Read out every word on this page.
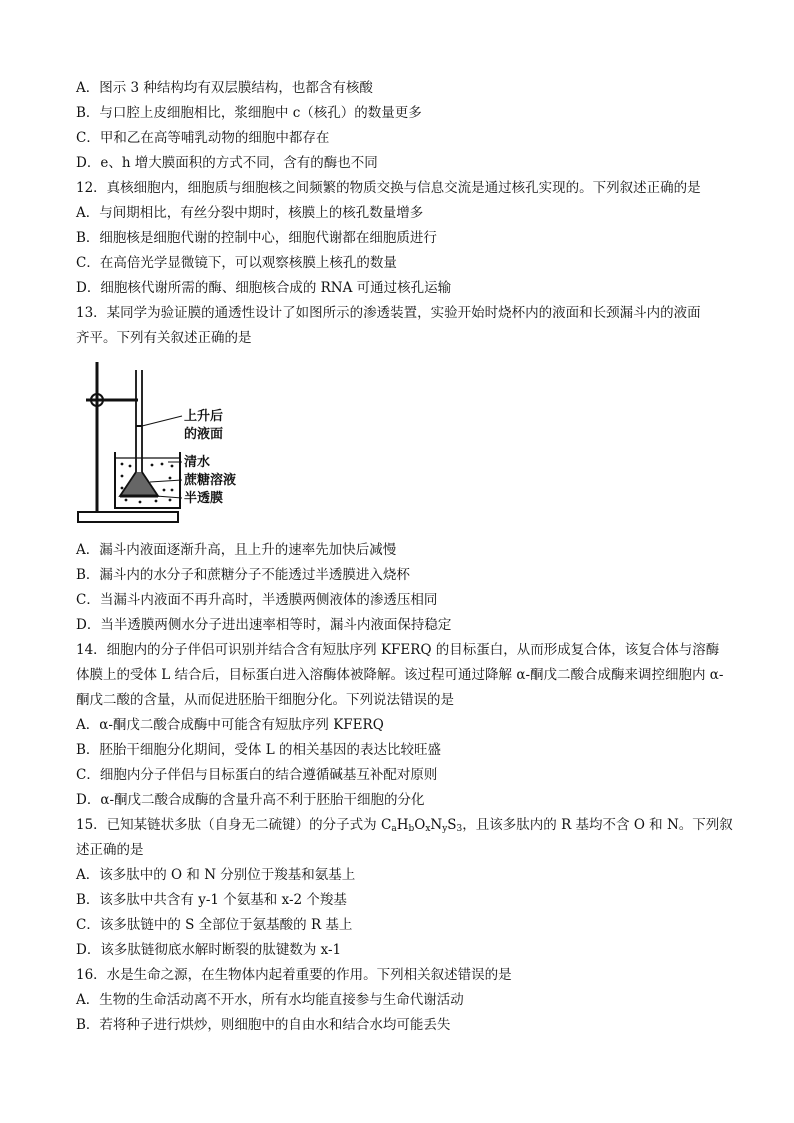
A．图示 3 种结构均有双层膜结构，也都含有核酸
B．与口腔上皮细胞相比，浆细胞中 c（核孔）的数量更多
C．甲和乙在高等哺乳动物的细胞中都存在
D．e、h 增大膜面积的方式不同，含有的酶也不同
12．真核细胞内，细胞质与细胞核之间频繁的物质交换与信息交流是通过核孔实现的。下列叙述正确的是
A．与间期相比，有丝分裂中期时，核膜上的核孔数量增多
B．细胞核是细胞代谢的控制中心，细胞代谢都在细胞质进行
C．在高倍光学显微镜下，可以观察核膜上核孔的数量
D．细胞核代谢所需的酶、细胞核合成的 RNA 可通过核孔运输
13．某同学为验证膜的通透性设计了如图所示的渗透装置，实验开始时烧杯内的液面和长颈漏斗内的液面
齐平。下列有关叙述正确的是
上升后
的液面
清水
蔗糖溶液
半透膜
A．漏斗内液面逐渐升高，且上升的速率先加快后减慢
B．漏斗内的水分子和蔗糖分子不能透过半透膜进入烧杯
C．当漏斗内液面不再升高时，半透膜两侧液体的渗透压相同
D．当半透膜两侧水分子进出速率相等时，漏斗内液面保持稳定
14．细胞内的分子伴侣可识别并结合含有短肽序列 KFERQ 的目标蛋白，从而形成复合体，该复合体与溶酶
体膜上的受体 L 结合后，目标蛋白进入溶酶体被降解。该过程可通过降解 α-酮戊二酸合成酶来调控细胞内 α-
酮戊二酸的含量，从而促进胚胎干细胞分化。下列说法错误的是
A．α-酮戊二酸合成酶中可能含有短肽序列 KFERQ
B．胚胎干细胞分化期间，受体 L 的相关基因的表达比较旺盛
C．细胞内分子伴侣与目标蛋白的结合遵循碱基互补配对原则
D．α-酮戊二酸合成酶的含量升高不利于胚胎干细胞的分化
15．已知某链状多肽（自身无二硫键）的分子式为 $C_aH_bO_xN_yS_3$，且该多肽内的 R 基均不含 O 和 N。下列叙
述正确的是
A．该多肽中的 O 和 N 分别位于羧基和氨基上
B．该多肽中共含有 y-1 个氨基和 x-2 个羧基
C．该多肽链中的 S 全部位于氨基酸的 R 基上
D．该多肽链彻底水解时断裂的肽键数为 x-1
16．水是生命之源，在生物体内起着重要的作用。下列相关叙述错误的是
A．生物的生命活动离不开水，所有水均能直接参与生命代谢活动
B．若将种子进行烘炒，则细胞中的自由水和结合水均可能丢失
